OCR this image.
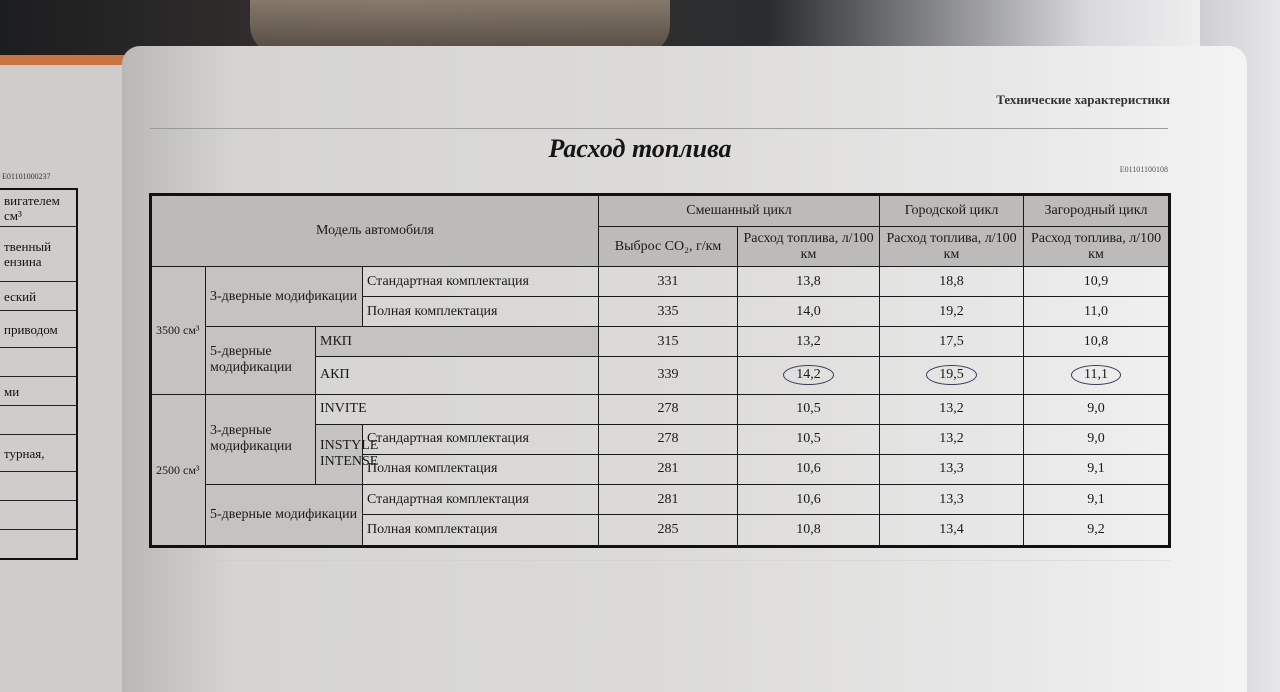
E01101000237
вигателем см³
твенный ензина
еский
приводом

ми

турная,

Технические характеристики
Расход топлива
E01101100108
Модель автомобиля				Смешанный цикл		Городской цикл	Загородный цикл
				Выброс CO₂, г/км	Расход топлива, л/100 км	Расход топлива, л/100 км	Расход топлива, л/100 км
3500 см³	3-дверные модификации		Стандартная комплектация	331	13,8	18,8	10,9
			Полная комплектация	335	14,0	19,2	11,0
	5-дверные модификации	МКП		315	13,2	17,5	10,8
		АКП		339	14,2	19,5	11,1
2500 см³	3-дверные модификации	INVITE		278	10,5	13,2	9,0
		INSTYLE INTENSE	Стандартная комплектация	278	10,5	13,2	9,0
			Полная комплектация	281	10,6	13,3	9,1
	5-дверные модификации		Стандартная комплектация	281	10,6	13,3	9,1
			Полная комплектация	285	10,8	13,4	9,2
